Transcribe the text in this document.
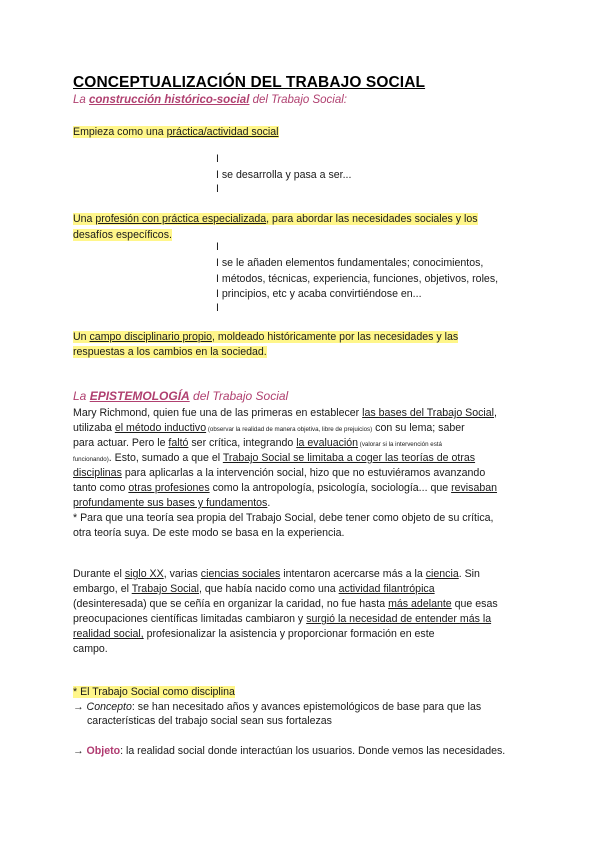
CONCEPTUALIZACIÓN DEL TRABAJO SOCIAL
La construcción histórico-social del Trabajo Social:
Empieza como una práctica/actividad social
I
I se desarrolla y pasa a ser...
I
Una profesión con práctica especializada, para abordar las necesidades sociales y los
desafíos específicos.
I
I se le añaden elementos fundamentales; conocimientos,
I métodos, técnicas, experiencia, funciones, objetivos, roles,
I principios, etc y acaba convirtiéndose en...
I
Un campo disciplinario propio, moldeado históricamente por las necesidades y las
respuestas a los cambios en la sociedad.
La EPISTEMOLOGÍA del Trabajo Social
Mary Richmond, quien fue una de las primeras en establecer las bases del Trabajo Social,
utilizaba el método inductivo (observar la realidad de manera objetiva, libre de prejuicios) con su lema; saber
para actuar. Pero le faltó ser crítica, integrando la evaluación (valorar si la intervención está
funcionando). Esto, sumado a que el Trabajo Social se limitaba a coger las teorías de otras
disciplinas para aplicarlas a la intervención social, hizo que no estuviéramos avanzando
tanto como otras profesiones como la antropología, psicología, sociología... que revisaban
profundamente sus bases y fundamentos.
* Para que una teoría sea propia del Trabajo Social, debe tener como objeto de su crítica,
otra teoría suya. De este modo se basa en la experiencia.
Durante el siglo XX, varias ciencias sociales intentaron acercarse más a la ciencia. Sin
embargo, el Trabajo Social, que había nacido como una actividad filantrópica
(desinteresada) que se ceñía en organizar la caridad, no fue hasta más adelante que esas
preocupaciones científicas limitadas cambiaron y surgió la necesidad de entender más la
realidad social, profesionalizar la asistencia y proporcionar formación en este
campo.
* El Trabajo Social como disciplina
→ Concepto: se han necesitado años y avances epistemológicos de base para que las
características del trabajo social sean sus fortalezas
→ Objeto: la realidad social donde interactúan los usuarios. Donde vemos las necesidades.
